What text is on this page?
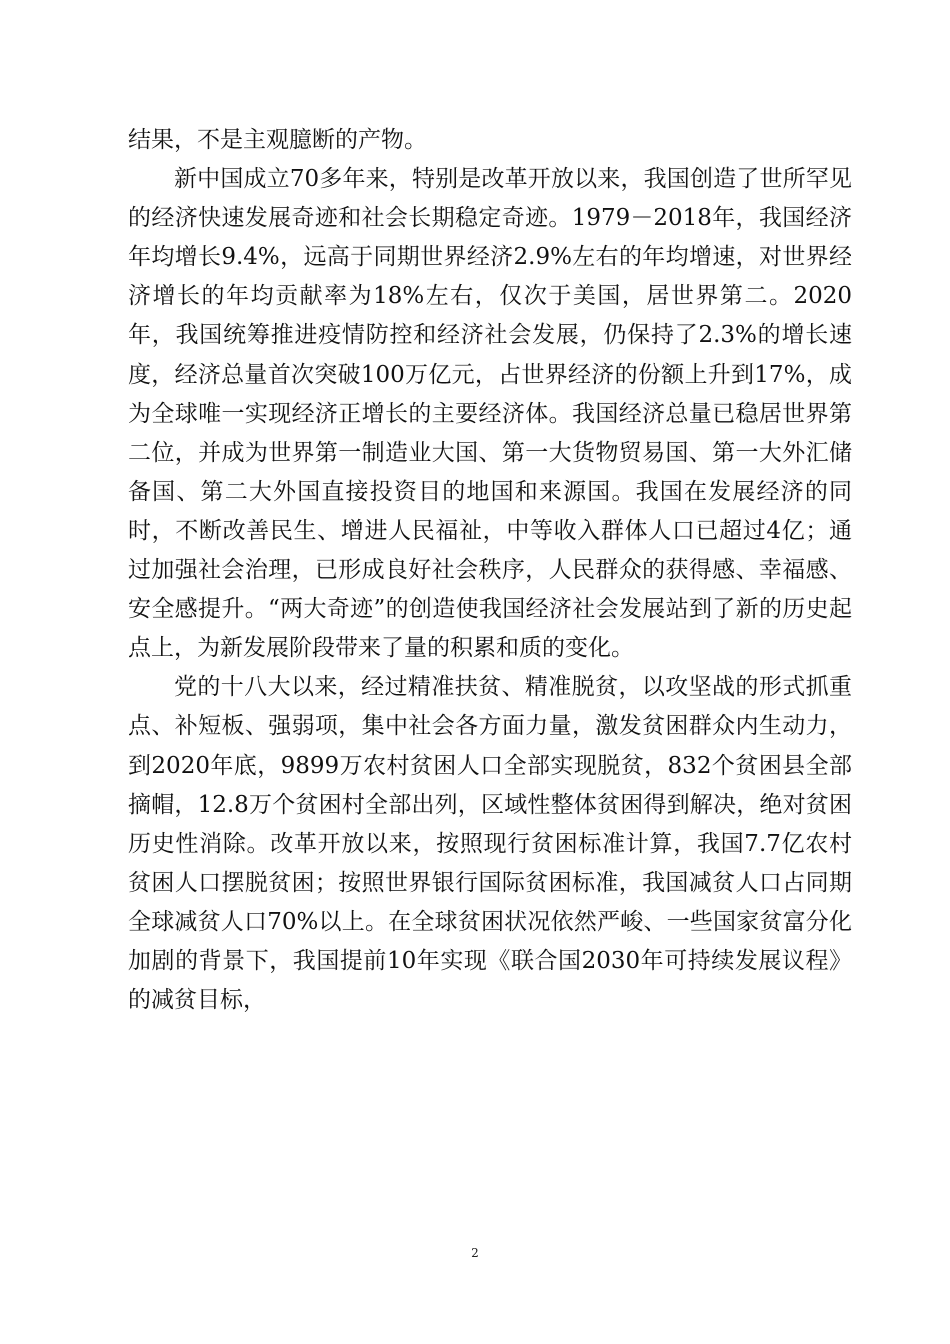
结果，不是主观臆断的产物。

新中国成立70多年来，特别是改革开放以来，我国创造了世所罕见的经济快速发展奇迹和社会长期稳定奇迹。1979－2018年，我国经济年均增长9.4%，远高于同期世界经济2.9%左右的年均增速，对世界经济增长的年均贡献率为18%左右，仅次于美国，居世界第二。2020年，我国统筹推进疫情防控和经济社会发展，仍保持了2.3%的增长速度，经济总量首次突破100万亿元，占世界经济的份额上升到17%，成为全球唯一实现经济正增长的主要经济体。我国经济总量已稳居世界第二位，并成为世界第一制造业大国、第一大货物贸易国、第一大外汇储备国、第二大外国直接投资目的地国和来源国。我国在发展经济的同时，不断改善民生、增进人民福祉，中等收入群体人口已超过4亿；通过加强社会治理，已形成良好社会秩序，人民群众的获得感、幸福感、安全感提升。“两大奇迹”的创造使我国经济社会发展站到了新的历史起点上，为新发展阶段带来了量的积累和质的变化。

党的十八大以来，经过精准扶贫、精准脱贫，以攻坚战的形式抓重点、补短板、强弱项，集中社会各方面力量，激发贫困群众内生动力，到2020年底，9899万农村贫困人口全部实现脱贫，832个贫困县全部摘帽，12.8万个贫困村全部出列，区域性整体贫困得到解决，绝对贫困历史性消除。改革开放以来，按照现行贫困标准计算，我国7.7亿农村贫困人口摆脱贫困；按照世界银行国际贫困标准，我国减贫人口占同期全球减贫人口70%以上。在全球贫困状况依然严峻、一些国家贫富分化加剧的背景下，我国提前10年实现《联合国2030年可持续发展议程》的减贫目标，

2
